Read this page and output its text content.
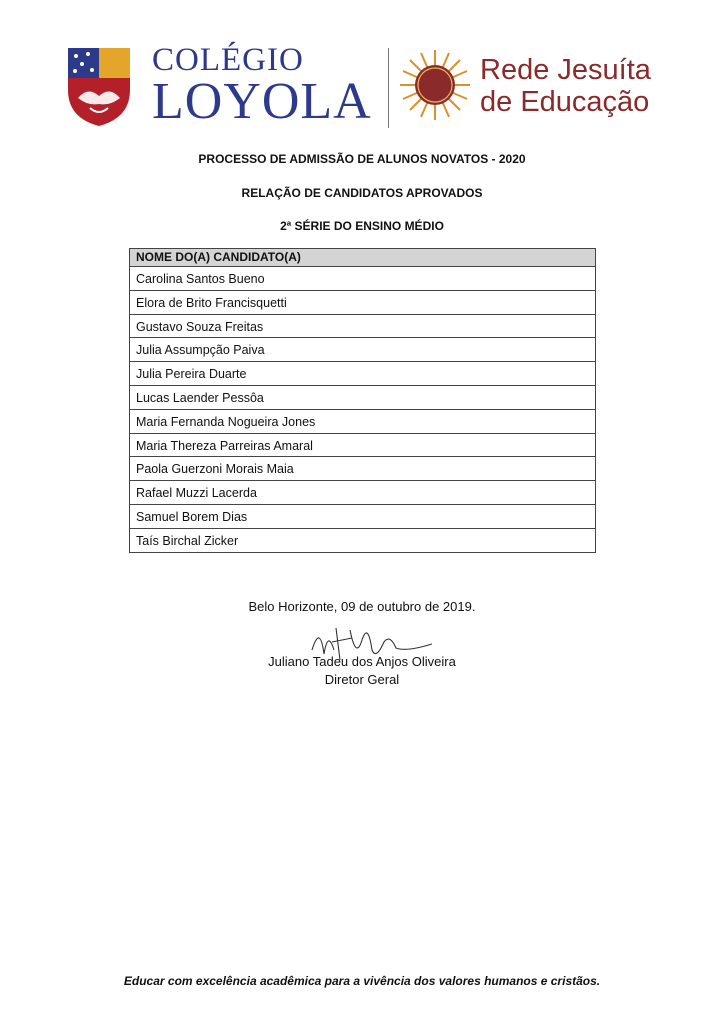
COLÉGIO
LOYOLA
Rede Jesuíta
de Educação
PROCESSO DE ADMISSÃO DE ALUNOS NOVATOS - 2020
RELAÇÃO DE CANDIDATOS APROVADOS
2ª SÉRIE DO ENSINO MÉDIO
NOME DO(A) CANDIDATO(A)
Carolina Santos Bueno
Elora de Brito Francisquetti
Gustavo Souza Freitas
Julia Assumpção Paiva
Julia Pereira Duarte
Lucas Laender Pessôa
Maria Fernanda Nogueira Jones
Maria Thereza Parreiras Amaral
Paola Guerzoni Morais Maia
Rafael Muzzi Lacerda
Samuel Borem Dias
Taís Birchal Zicker
Belo Horizonte, 09 de outubro de 2019.
Juliano Tadeu dos Anjos Oliveira
Diretor Geral
Educar com excelência acadêmica para a vivência dos valores humanos e cristãos.
